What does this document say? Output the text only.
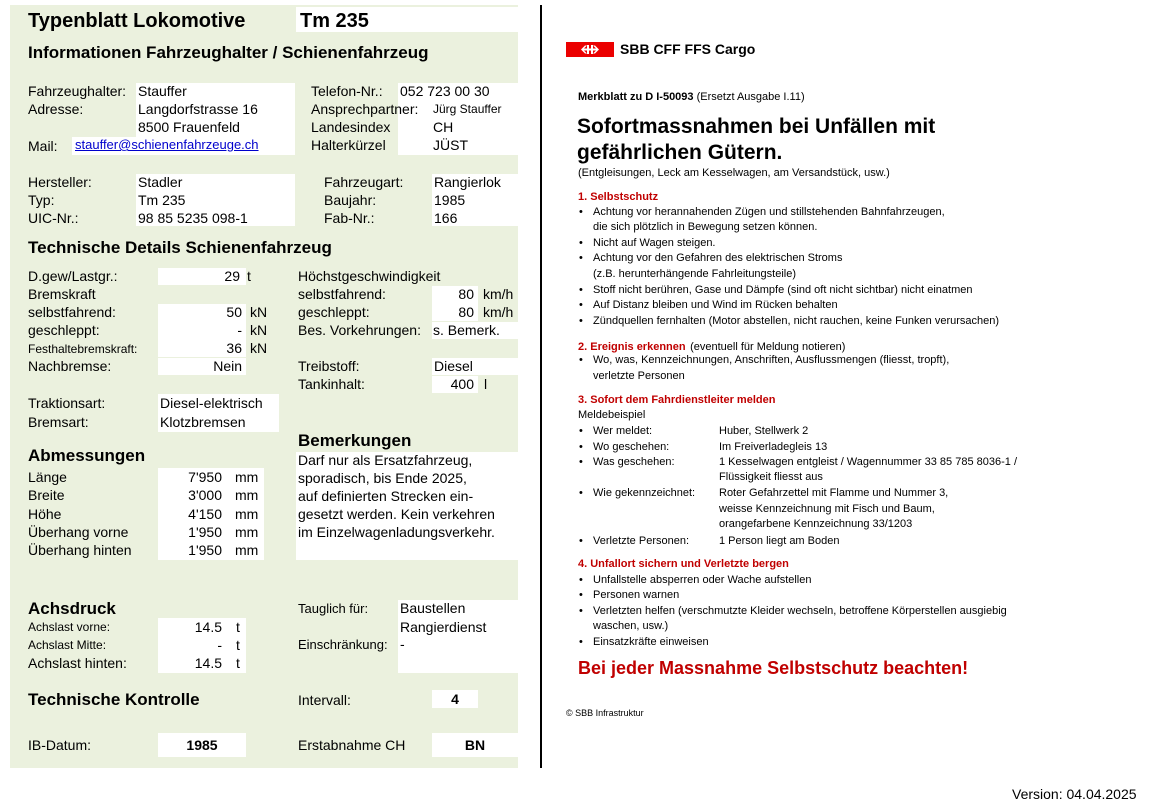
Typenblatt Lokomotive	Tm 235
Informationen Fahrzeughalter / Schienenfahrzeug
Fahrzeughalter: Stauffer
Adresse:	Langdorfstrasse 16
8500 Frauenfeld
Mail: stauffer@schienenfahrzeuge.ch
Telefon-Nr.: 052 723 00 30
Ansprechpartner: Jürg Stauffer
Landesindex	CH
Halterkürzel	JÜST
Hersteller:	Stadler
Typ:	Tm 235
UIC-Nr.:	98 85 5235 098-1
Fahrzeugart: Rangierlok
Baujahr:	1985
Fab-Nr.:	166
Technische Details Schienenfahrzeug
D.gew/Lastgr.:	29 t
Bremskraft
selbstfahrend:	50 kN
geschleppt:	- kN
Festhaltebremskraft:	36 kN
Nachbremse:	Nein
Höchstgeschwindigkeit
selbstfahrend:	80 km/h
geschleppt:	80 km/h
Bes. Vorkehrungen: s. Bemerk.
Treibstoff:	Diesel
Tankinhalt:	400 l
Traktionsart:	Diesel-elektrisch
Bremsart:	Klotzbremsen
Abmessungen
Länge	7'950 mm
Breite	3'000 mm
Höhe	4'150 mm
Überhang vorne	1'950 mm
Überhang hinten	1'950 mm
Bemerkungen
Darf nur als Ersatzfahrzeug,
sporadisch, bis Ende 2025,
auf definierten Strecken ein-
gesetzt werden. Kein verkehren
im Einzelwagenladungsverkehr.
Achsdruck
Achslast vorne:	14.5 t
Achslast Mitte:	- t
Achslast hinten:	14.5 t
Tauglich für: Baustellen
Rangierdienst
Einschränkung: -
Technische Kontrolle	Intervall:	4
IB-Datum:	1985	Erstabnahme CH	BN
SBB CFF FFS Cargo
Merkblatt zu D I-50093 (Ersetzt Ausgabe I.11)
Sofortmassnahmen bei Unfällen mit
gefährlichen Gütern.
(Entgleisungen, Leck am Kesselwagen, am Versandstück, usw.)
1. Selbstschutz
• Achtung vor herannahenden Zügen und stillstehenden Bahnfahrzeugen,
die sich plötzlich in Bewegung setzen können.
• Nicht auf Wagen steigen.
• Achtung vor den Gefahren des elektrischen Stroms
(z.B. herunterhängende Fahrleitungsteile)
• Stoff nicht berühren, Gase und Dämpfe (sind oft nicht sichtbar) nicht einatmen
• Auf Distanz bleiben und Wind im Rücken behalten
• Zündquellen fernhalten (Motor abstellen, nicht rauchen, keine Funken verursachen)
2. Ereignis erkennen (eventuell für Meldung notieren)
• Wo, was, Kennzeichnungen, Anschriften, Ausflussmengen (fliesst, tropft),
verletzte Personen
3. Sofort dem Fahrdienstleiter melden
Meldebeispiel
• Wer meldet:	Huber, Stellwerk 2
• Wo geschehen:	Im Freiverladegleis 13
• Was geschehen:	1 Kesselwagen entgleist / Wagennummer 33 85 785 8036-1 /
Flüssigkeit fliesst aus
• Wie gekennzeichnet: Roter Gefahrzettel mit Flamme und Nummer 3,
weisse Kennzeichnung mit Fisch und Baum,
orangefarbene Kennzeichnung 33/1203
• Verletzte Personen:	1 Person liegt am Boden
4. Unfallort sichern und Verletzte bergen
• Unfallstelle absperren oder Wache aufstellen
• Personen warnen
• Verletzten helfen (verschmutzte Kleider wechseln, betroffene Körperstellen ausgiebig
waschen, usw.)
• Einsatzkräfte einweisen
Bei jeder Massnahme Selbstschutz beachten!
© SBB Infrastruktur
Version: 04.04.2025
